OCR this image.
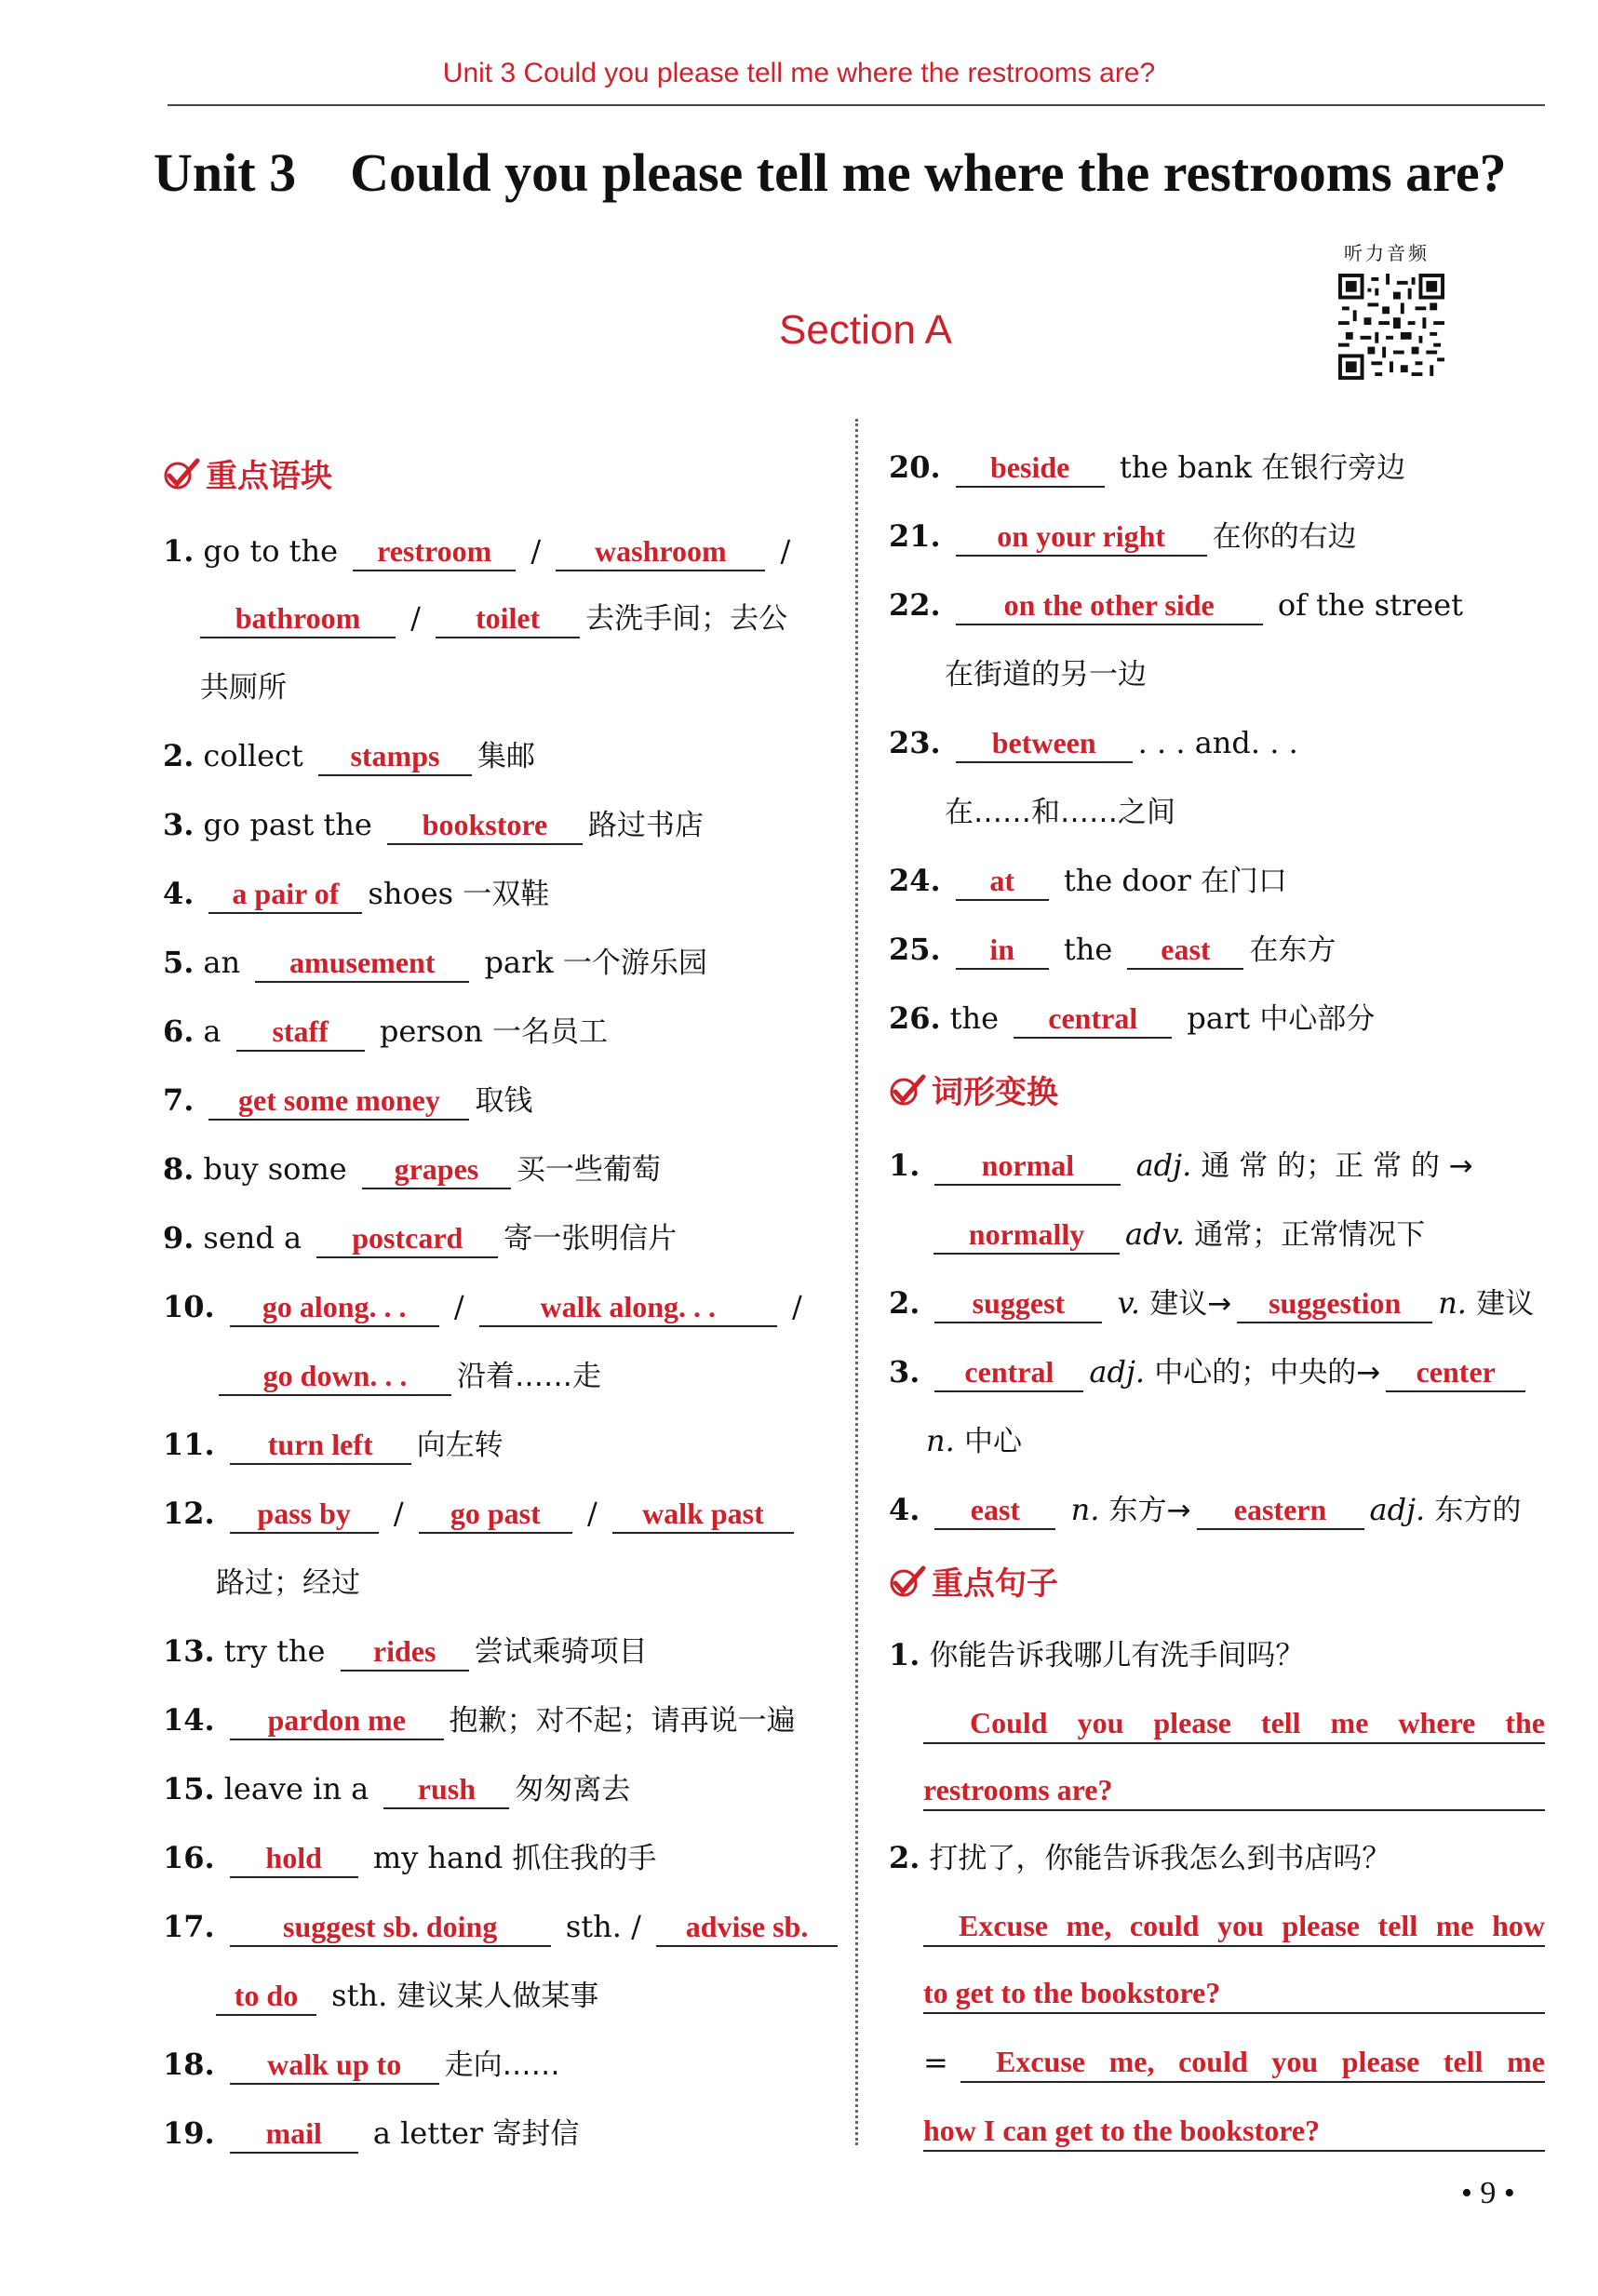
Unit 3 Could you please tell me where the restrooms are?
Unit 3 Could you please tell me where the restrooms are?
听力音频
Section A
重点语块
1. go to the restroom / washroom /
bathroom / toilet 去洗手间；去公
共厕所
2. collect stamps 集邮
3. go past the bookstore 路过书店
4. a pair of shoes 一双鞋
5. an amusement park 一个游乐园
6. a staff person 一名员工
7. get some money 取钱
8. buy some grapes 买一些葡萄
9. send a postcard 寄一张明信片
10. go along. . . / walk along. . . /
go down. . . 沿着……走
11. turn left 向左转
12. pass by / go past / walk past
路过；经过
13. try the rides 尝试乘骑项目
14. pardon me 抱歉；对不起；请再说一遍
15. leave in a rush 匆匆离去
16. hold my hand 抓住我的手
17. suggest sb. doing sth. / advise sb.
to do sth. 建议某人做某事
18. walk up to 走向……
19. mail a letter 寄封信
20. beside the bank 在银行旁边
21. on your right 在你的右边
22. on the other side of the street
在街道的另一边
23. between . . . and. . .
在……和……之间
24. at the door 在门口
25. in the east 在东方
26. the central part 中心部分
词形变换
1. normal adj. 通 常 的；正 常 的 →
normally adv. 通常；正常情况下
2. suggest v. 建议→ suggestion n. 建议
3. central adj. 中心的；中央的→ center
n. 中心
4. east n. 东方→ eastern adj. 东方的
重点句子
1. 你能告诉我哪儿有洗手间吗？
Could you please tell me where the
restrooms are?
2. 打扰了，你能告诉我怎么到书店吗？
Excuse me, could you please tell me how
to get to the bookstore?
= Excuse me, could you please tell me
how I can get to the bookstore?
• 9 •
